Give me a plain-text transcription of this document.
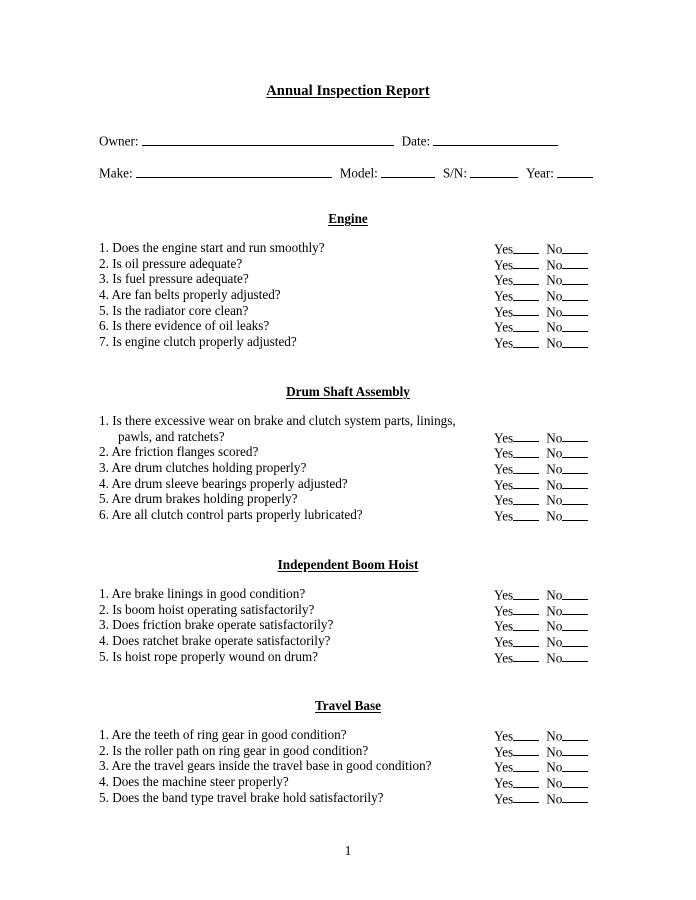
Annual Inspection Report
Owner:	Date:
Make:	Model:	S/N:	Year:
Engine
1. Does the engine start and run smoothly?	Yes	No
2. Is oil pressure adequate?	Yes	No
3. Is fuel pressure adequate?	Yes	No
4. Are fan belts properly adjusted?	Yes	No
5. Is the radiator core clean?	Yes	No
6. Is there evidence of oil leaks?	Yes	No
7. Is engine clutch properly adjusted?	Yes	No
Drum Shaft Assembly
1. Is there excessive wear on brake and clutch system parts, linings,
pawls, and ratchets?	Yes	No
2. Are friction flanges scored?	Yes	No
3. Are drum clutches holding properly?	Yes	No
4. Are drum sleeve bearings properly adjusted?	Yes	No
5. Are drum brakes holding properly?	Yes	No
6. Are all clutch control parts properly lubricated?	Yes	No
Independent Boom Hoist
1. Are brake linings in good condition?	Yes	No
2. Is boom hoist operating satisfactorily?	Yes	No
3. Does friction brake operate satisfactorily?	Yes	No
4. Does ratchet brake operate satisfactorily?	Yes	No
5. Is hoist rope properly wound on drum?	Yes	No
Travel Base
1. Are the teeth of ring gear in good condition?	Yes	No
2. Is the roller path on ring gear in good condition?	Yes	No
3. Are the travel gears inside the travel base in good condition?	Yes	No
4. Does the machine steer properly?	Yes	No
5. Does the band type travel brake hold satisfactorily?	Yes	No
1
